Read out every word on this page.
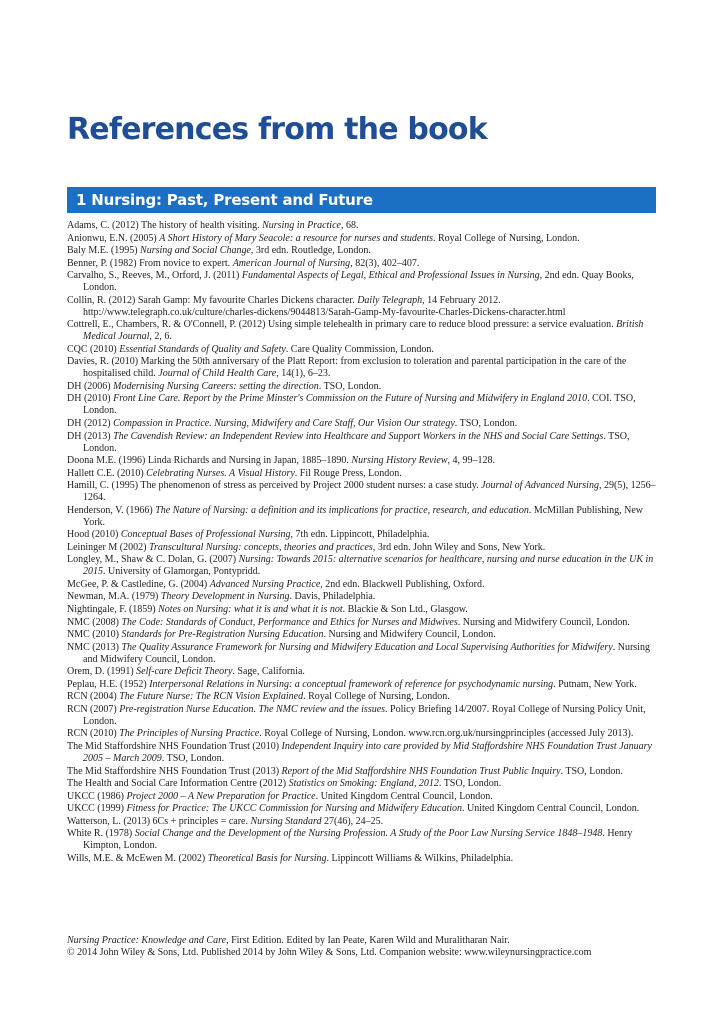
References from the book
1 Nursing: Past, Present and Future

Adams, C. (2012) The history of health visiting. Nursing in Practice, 68.

Anionwu, E.N. (2005) A Short History of Mary Seacole: a resource for nurses and students. Royal College of Nursing, London.

Baly M.E. (1995) Nursing and Social Change, 3rd edn. Routledge, London.

Benner, P. (1982) From novice to expert. American Journal of Nursing, 82(3), 402–407.

Carvalho, S., Reeves, M., Orford, J. (2011) Fundamental Aspects of Legal, Ethical and Professional Issues in Nursing, 2nd edn. Quay Books, London.

Collin, R. (2012) Sarah Gamp: My favourite Charles Dickens character. Daily Telegraph, 14 February 2012. http://www.telegraph.co.uk/culture/charles-dickens/9044813/Sarah-Gamp-My-favourite-Charles-Dickens-character.html

Cottrell, E., Chambers, R. & O'Connell, P. (2012) Using simple telehealth in primary care to reduce blood pressure: a service evaluation. British Medical Journal, 2, 6.

CQC (2010) Essential Standards of Quality and Safety. Care Quality Commission, London.

Davies, R. (2010) Marking the 50th anniversary of the Platt Report: from exclusion to toleration and parental participation in the care of the hospitalised child. Journal of Child Health Care, 14(1), 6–23.

DH (2006) Modernising Nursing Careers: setting the direction. TSO, London.

DH (2010) Front Line Care. Report by the Prime Minster's Commission on the Future of Nursing and Midwifery in England 2010. COI. TSO, London.

DH (2012) Compassion in Practice. Nursing, Midwifery and Care Staff, Our Vision Our strategy. TSO, London.

DH (2013) The Cavendish Review: an Independent Review into Healthcare and Support Workers in the NHS and Social Care Settings. TSO, London.

Doona M.E. (1996) Linda Richards and Nursing in Japan, 1885–1890. Nursing History Review, 4, 99–128.

Hallett C.E. (2010) Celebrating Nurses. A Visual History. Fil Rouge Press, London.

Hamill, C. (1995) The phenomenon of stress as perceived by Project 2000 student nurses: a case study. Journal of Advanced Nursing, 29(5), 1256–1264.

Henderson, V. (1966) The Nature of Nursing: a definition and its implications for practice, research, and education. McMillan Publishing, New York.

Hood (2010) Conceptual Bases of Professional Nursing, 7th edn. Lippincott, Philadelphia.

Leininger M (2002) Transcultural Nursing: concepts, theories and practices, 3rd edn. John Wiley and Sons, New York.

Longley, M., Shaw & C. Dolan, G. (2007) Nursing: Towards 2015: alternative scenarios for healthcare, nursing and nurse education in the UK in 2015. University of Glamorgan, Pontypridd.

McGee, P. & Castledine, G. (2004) Advanced Nursing Practice, 2nd edn. Blackwell Publishing, Oxford.

Newman, M.A. (1979) Theory Development in Nursing. Davis, Philadelphia.

Nightingale, F. (1859) Notes on Nursing: what it is and what it is not. Blackie & Son Ltd., Glasgow.

NMC (2008) The Code: Standards of Conduct, Performance and Ethics for Nurses and Midwives. Nursing and Midwifery Council, London.

NMC (2010) Standards for Pre-Registration Nursing Education. Nursing and Midwifery Council, London.

NMC (2013) The Quality Assurance Framework for Nursing and Midwifery Education and Local Supervising Authorities for Midwifery. Nursing and Midwifery Council, London.

Orem, D. (1991) Self-care Deficit Theory. Sage, California.

Peplau, H.E. (1952) Interpersonal Relations in Nursing: a conceptual framework of reference for psychodynamic nursing. Putnam, New York.

RCN (2004) The Future Nurse: The RCN Vision Explained. Royal College of Nursing, London.

RCN (2007) Pre-registration Nurse Education. The NMC review and the issues. Policy Briefing 14/2007. Royal College of Nursing Policy Unit, London.

RCN (2010) The Principles of Nursing Practice. Royal College of Nursing, London. www.rcn.org.uk/nursingprinciples (accessed July 2013).

The Mid Staffordshire NHS Foundation Trust (2010) Independent Inquiry into care provided by Mid Staffordshire NHS Foundation Trust January 2005 – March 2009. TSO, London.

The Mid Staffordshire NHS Foundation Trust (2013) Report of the Mid Staffordshire NHS Foundation Trust Public Inquiry. TSO, London.

The Health and Social Care Information Centre (2012) Statistics on Smoking: England, 2012. TSO, London.

UKCC (1986) Project 2000 – A New Preparation for Practice. United Kingdom Central Council, London.

UKCC (1999) Fitness for Practice: The UKCC Commission for Nursing and Midwifery Education. United Kingdom Central Council, London.

Watterson, L. (2013) 6Cs + principles = care. Nursing Standard 27(46), 24–25.

White R. (1978) Social Change and the Development of the Nursing Profession. A Study of the Poor Law Nursing Service 1848–1948. Henry Kimpton, London.

Wills, M.E. & McEwen M. (2002) Theoretical Basis for Nursing. Lippincott Williams & Wilkins, Philadelphia.

Nursing Practice: Knowledge and Care, First Edition. Edited by Ian Peate, Karen Wild and Muralitharan Nair.

© 2014 John Wiley & Sons, Ltd. Published 2014 by John Wiley & Sons, Ltd. Companion website: www.wileynursingpractice.com
